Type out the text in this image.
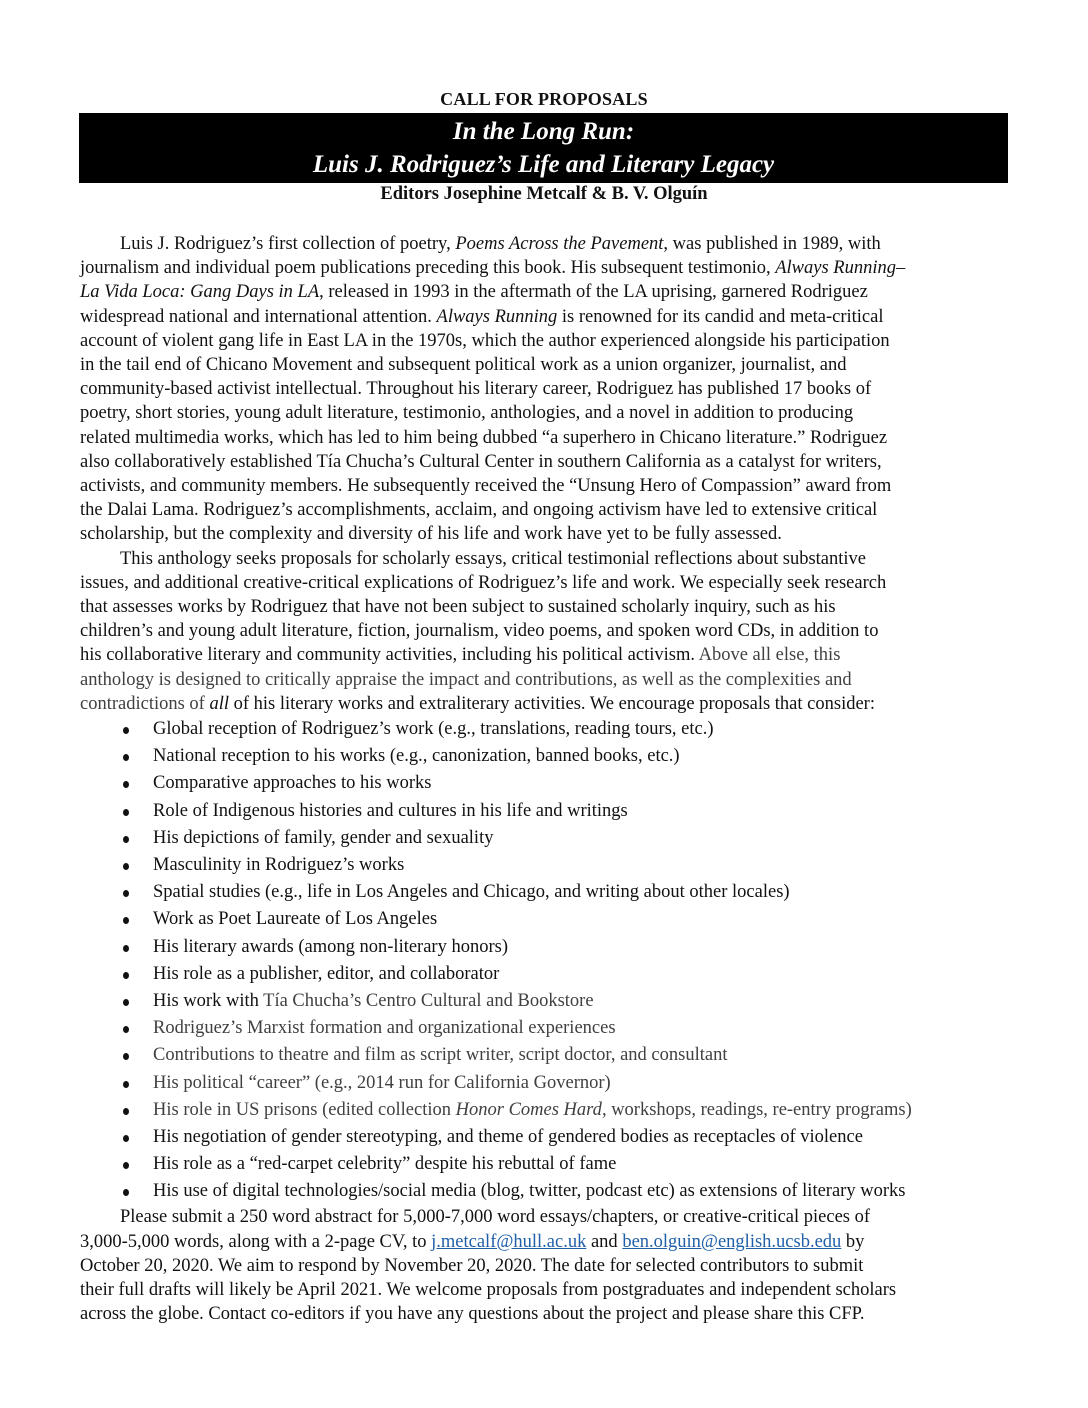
CALL FOR PROPOSALS
In the Long Run:
Luis J. Rodriguez’s Life and Literary Legacy
Editors Josephine Metcalf & B. V. Olguín
Luis J. Rodriguez’s first collection of poetry, Poems Across the Pavement, was published in 1989, with
journalism and individual poem publications preceding this book. His subsequent testimonio, Always Running–
La Vida Loca: Gang Days in LA, released in 1993 in the aftermath of the LA uprising, garnered Rodriguez
widespread national and international attention. Always Running is renowned for its candid and meta-critical
account of violent gang life in East LA in the 1970s, which the author experienced alongside his participation
in the tail end of Chicano Movement and subsequent political work as a union organizer, journalist, and
community-based activist intellectual. Throughout his literary career, Rodriguez has published 17 books of
poetry, short stories, young adult literature, testimonio, anthologies, and a novel in addition to producing
related multimedia works, which has led to him being dubbed “a superhero in Chicano literature.” Rodriguez
also collaboratively established Tía Chucha’s Cultural Center in southern California as a catalyst for writers,
activists, and community members. He subsequently received the “Unsung Hero of Compassion” award from
the Dalai Lama. Rodriguez’s accomplishments, acclaim, and ongoing activism have led to extensive critical
scholarship, but the complexity and diversity of his life and work have yet to be fully assessed.
This anthology seeks proposals for scholarly essays, critical testimonial reflections about substantive
issues, and additional creative-critical explications of Rodriguez’s life and work. We especially seek research
that assesses works by Rodriguez that have not been subject to sustained scholarly inquiry, such as his
children’s and young adult literature, fiction, journalism, video poems, and spoken word CDs, in addition to
his collaborative literary and community activities, including his political activism. Above all else, this
anthology is designed to critically appraise the impact and contributions, as well as the complexities and
contradictions of all of his literary works and extraliterary activities. We encourage proposals that consider:
Global reception of Rodriguez’s work (e.g., translations, reading tours, etc.)
National reception to his works (e.g., canonization, banned books, etc.)
Comparative approaches to his works
Role of Indigenous histories and cultures in his life and writings
His depictions of family, gender and sexuality
Masculinity in Rodriguez’s works
Spatial studies (e.g., life in Los Angeles and Chicago, and writing about other locales)
Work as Poet Laureate of Los Angeles
His literary awards (among non-literary honors)
His role as a publisher, editor, and collaborator
His work with Tía Chucha’s Centro Cultural and Bookstore
Rodriguez’s Marxist formation and organizational experiences
Contributions to theatre and film as script writer, script doctor, and consultant
His political “career” (e.g., 2014 run for California Governor)
His role in US prisons (edited collection Honor Comes Hard, workshops, readings, re-entry programs)
His negotiation of gender stereotyping, and theme of gendered bodies as receptacles of violence
His role as a “red-carpet celebrity” despite his rebuttal of fame
His use of digital technologies/social media (blog, twitter, podcast etc) as extensions of literary works
Please submit a 250 word abstract for 5,000-7,000 word essays/chapters, or creative-critical pieces of
3,000-5,000 words, along with a 2-page CV, to j.metcalf@hull.ac.uk and ben.olguin@english.ucsb.edu by
October 20, 2020. We aim to respond by November 20, 2020. The date for selected contributors to submit
their full drafts will likely be April 2021. We welcome proposals from postgraduates and independent scholars
across the globe. Contact co-editors if you have any questions about the project and please share this CFP.
